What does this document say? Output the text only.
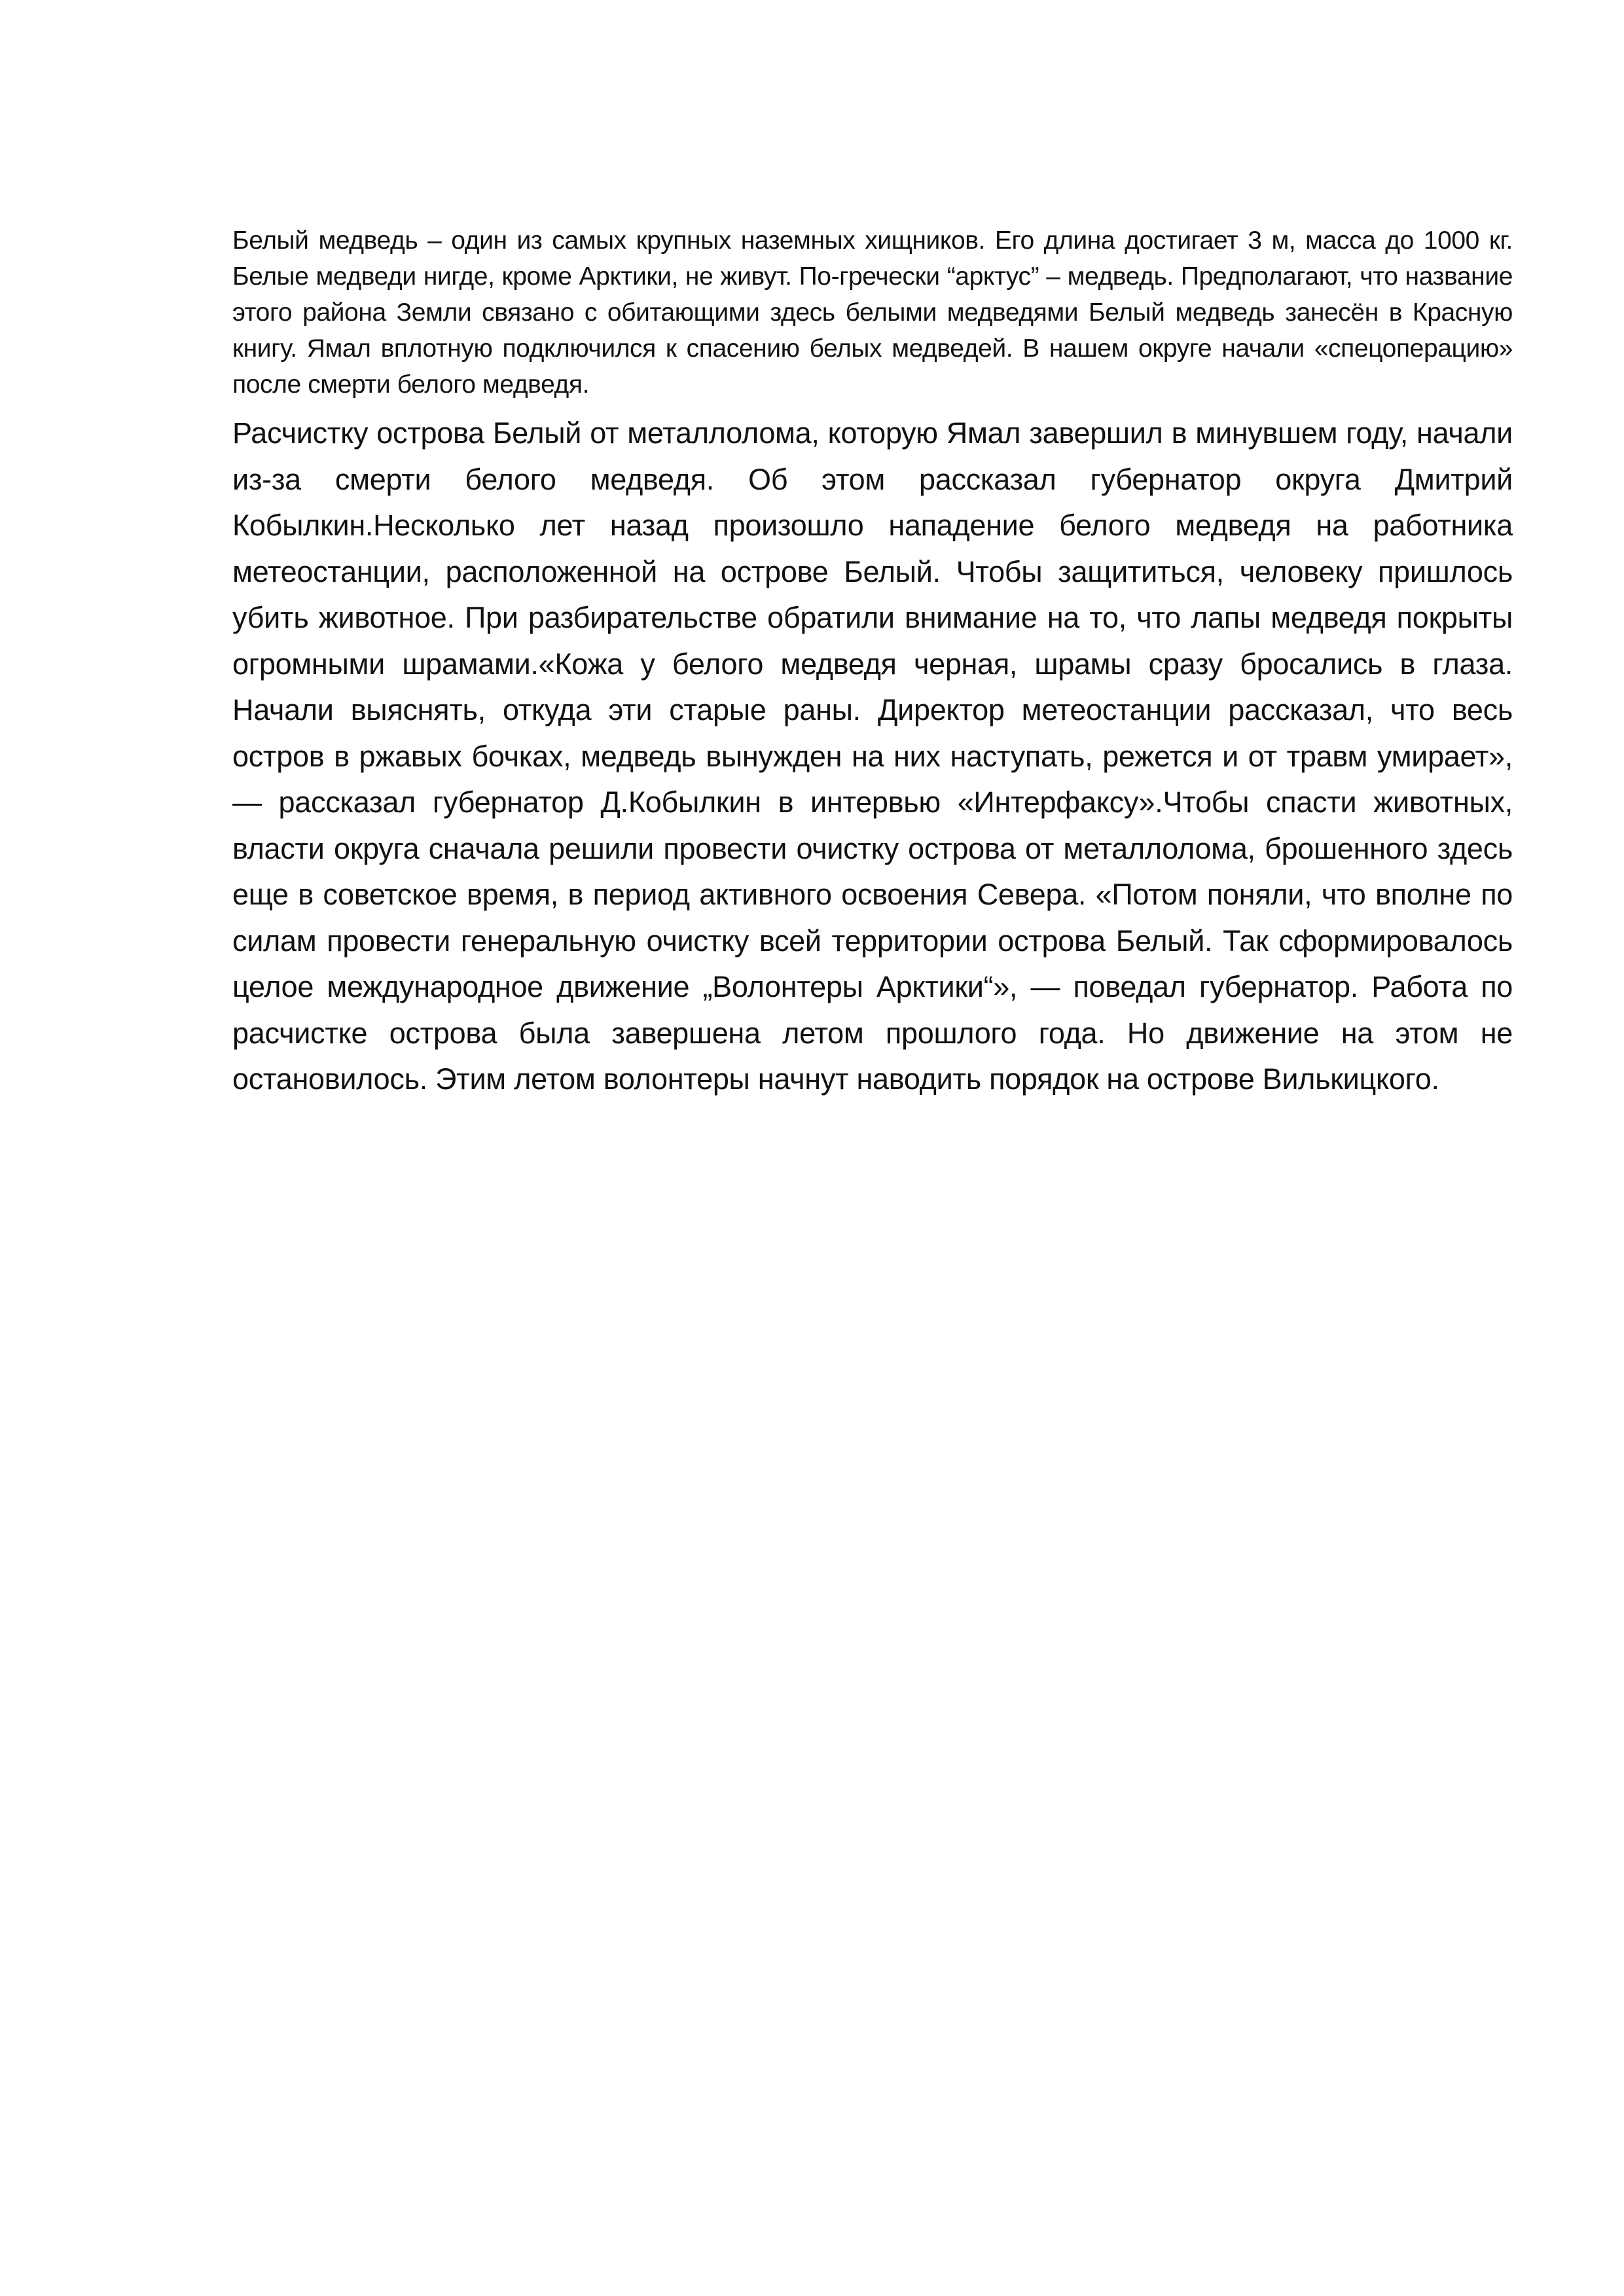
Белый медведь – один из самых крупных наземных хищников. Его длина достигает 3 м, масса до 1000 кг. Белые медведи нигде, кроме Арктики, не живут. По-гречески “арктус” – медведь. Предполагают, что название этого района Земли связано с обитающими здесь белыми медведями Белый медведь занесён в Красную книгу. Ямал вплотную подключился к спасению белых медведей. В нашем округе начали «спецоперацию» после смерти белого медведя.

Расчистку острова Белый от металлолома, которую Ямал завершил в минувшем году, начали из-за смерти белого медведя. Об этом рассказал губернатор округа Дмитрий Кобылкин.Несколько лет назад произошло нападение белого медведя на работника метеостанции, расположенной на острове Белый. Чтобы защититься, человеку пришлось убить животное. При разбирательстве обратили внимание на то, что лапы медведя покрыты огромными шрамами.«Кожа у белого медведя черная, шрамы сразу бросались в глаза. Начали выяснять, откуда эти старые раны. Директор метеостанции рассказал, что весь остров в ржавых бочках, медведь вынужден на них наступать, режется и от травм умирает», — рассказал губернатор Д.Кобылкин в интервью «Интерфаксу».Чтобы спасти животных, власти округа сначала решили провести очистку острова от металлолома, брошенного здесь еще в советское время, в период активного освоения Севера. «Потом поняли, что вполне по силам провести генеральную очистку всей территории острова Белый. Так сформировалось целое международное движение „Волонтеры Арктики“», — поведал губернатор. Работа по расчистке острова была завершена летом прошлого года. Но движение на этом не остановилось. Этим летом волонтеры начнут наводить порядок на острове Вилькицкого.
